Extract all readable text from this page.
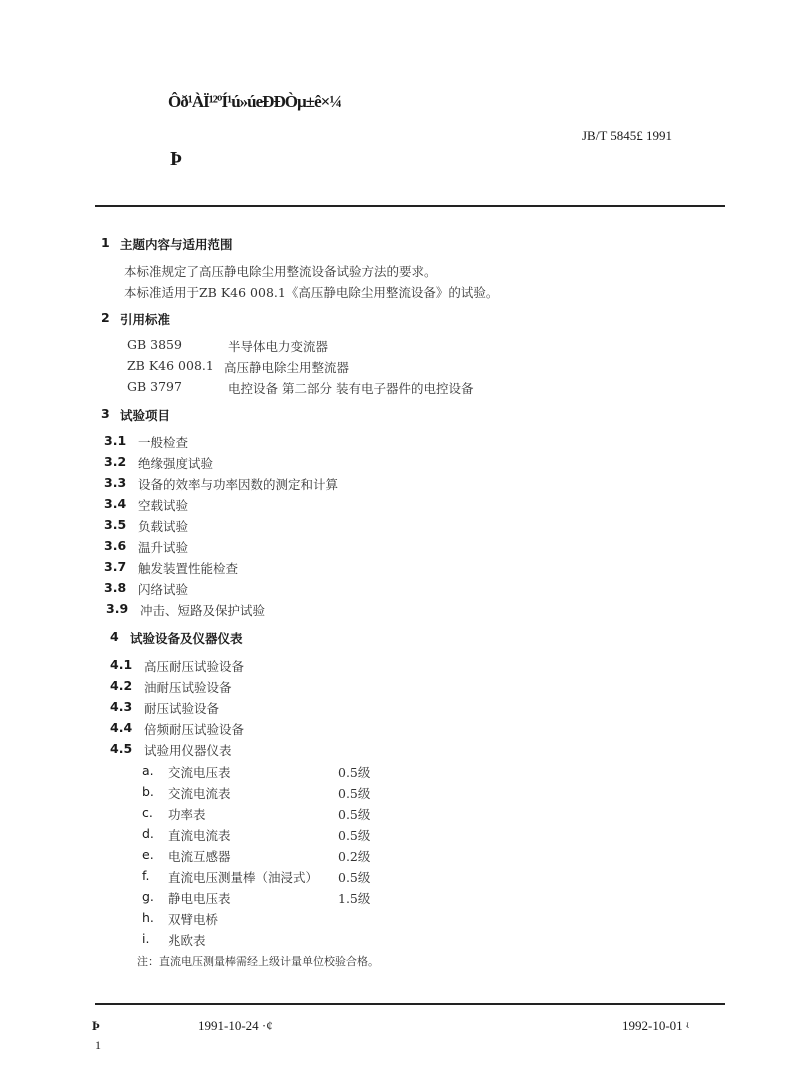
Ôð¹ÀÏ¹²ºÍ¹ú»úеÐÐÒµ±ê×¼
Þ
JB/T 5845£ 1991
1 主题内容与适用范围
本标准规定了高压静电除尘用整流设备试验方法的要求。
本标准适用于ZB K46 008.1《高压静电除尘用整流设备》的试验。
2 引用标准
GB 3859	半导体电力变流器
ZB K46 008.1 高压静电除尘用整流器
GB 3797	电控设备 第二部分 装有电子器件的电控设备
3 试验项目
3.1 一般检查
3.2 绝缘强度试验
3.3 设备的效率与功率因数的测定和计算
3.4 空载试验
3.5 负载试验
3.6 温升试验
3.7 触发装置性能检查
3.8 闪络试验
3.9 冲击、短路及保护试验
4 试验设备及仪器仪表
4.1 高压耐压试验设备
4.2 油耐压试验设备
4.3 耐压试验设备
4.4 倍频耐压试验设备
4.5 试验用仪器仪表
a. 交流电压表	0.5级
b. 交流电流表	0.5级
c. 功率表	0.5级
d. 直流电流表	0.5级
e. 电流互感器	0.2级
f. 直流电压测量棒（油浸式） 0.5级
g. 静电电压表	1.5级
h. 双臂电桥
i. 兆欧表
注：直流电压测量棒需经上级计量单位校验合格。
Þ	1991-10-24 ·¢	1992-10-01 ʵ
1
